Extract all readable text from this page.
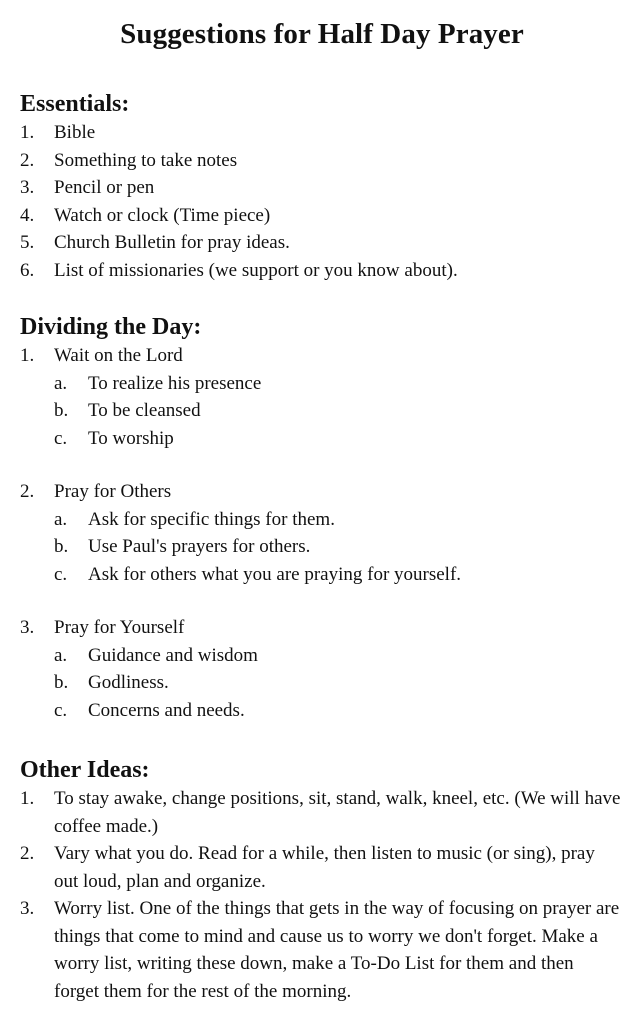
Suggestions for Half Day Prayer
Essentials:
1.	Bible
2.	Something to take notes
3.	Pencil or pen
4.	Watch or clock (Time piece)
5.	Church Bulletin for pray ideas.
6.	List of missionaries (we support or you know about).
Dividing the Day:
1.	Wait on the Lord
a.	To realize his presence
b.	To be cleansed
c.	To worship
2.	Pray for Others
a.	Ask for specific things for them.
b.	Use Paul's prayers for others.
c.	Ask for others what you are praying for yourself.
3.	Pray for Yourself
a.	Guidance and wisdom
b.	Godliness.
c.	Concerns and needs.
Other Ideas:
1.	To stay awake, change positions, sit, stand, walk, kneel, etc. (We will have coffee made.)
2.	Vary what you do. Read for a while, then listen to music (or sing), pray out loud, plan and organize.
3.	Worry list. One of the things that gets in the way of focusing on prayer are things that come to mind and cause us to worry we don't forget. Make a worry list, writing these down, make a To-Do List for them and then forget them for the rest of the morning.
